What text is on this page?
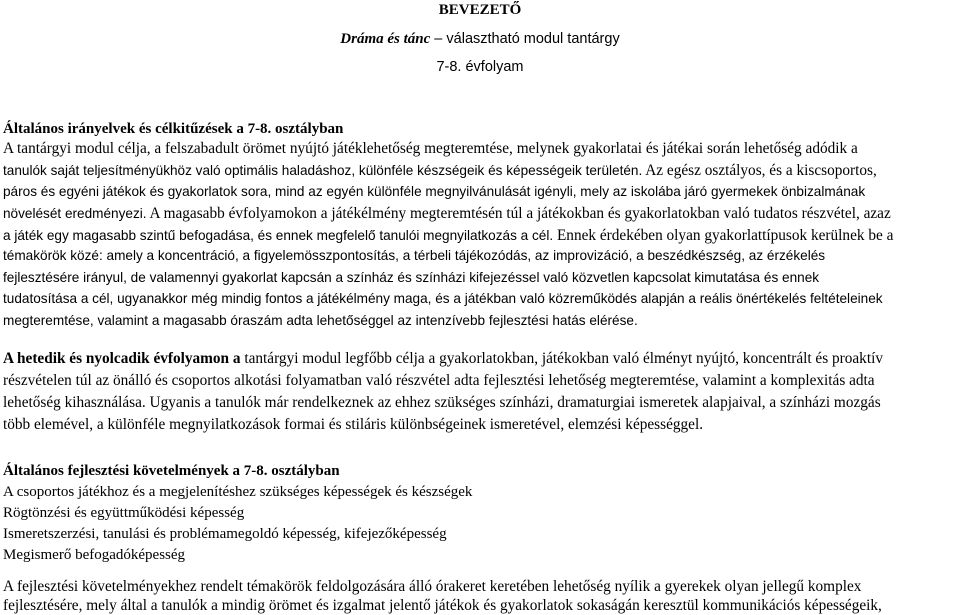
BEVEZETŐ
Dráma és tánc – választható modul tantárgy
7-8. évfolyam
Általános irányelvek és célkitűzések a 7-8. osztályban
A tantárgyi modul célja, a felszabadult örömet nyújtó játéklehetőség megteremtése, melynek gyakorlatai és játékai során lehetőség adódik a
tanulók saját teljesítményükhöz való optimális haladáshoz, különféle készségeik és képességeik területén. Az egész osztályos, és a kiscsoportos,
páros és egyéni játékok és gyakorlatok sora, mind az egyén különféle megnyilvánulását igényli, mely az iskolába járó gyermekek önbizalmának
növelését eredményezi. A magasabb évfolyamokon a játékélmény megteremtésén túl a játékokban és gyakorlatokban való tudatos részvétel, azaz
a játék egy magasabb szintű befogadása, és ennek megfelelő tanulói megnyilatkozás a cél. Ennek érdekében olyan gyakorlattípusok kerülnek be a
témakörök közé: amely a koncentráció, a figyelemösszpontosítás, a térbeli tájékozódás, az improvizáció, a beszédkészség, az érzékelés
fejlesztésére irányul, de valamennyi gyakorlat kapcsán a színház és színházi kifejezéssel való közvetlen kapcsolat kimutatása és ennek
tudatosítása a cél, ugyanakkor még mindig fontos a játékélmény maga, és a játékban való közreműködés alapján a reális önértékelés feltételeinek
megteremtése, valamint a magasabb óraszám adta lehetőséggel az intenzívebb fejlesztési hatás elérése.
A hetedik és nyolcadik évfolyamon a tantárgyi modul legfőbb célja a gyakorlatokban, játékokban való élményt nyújtó, koncentrált és proaktív
részvételen túl az önálló és csoportos alkotási folyamatban való részvétel adta fejlesztési lehetőség megteremtése, valamint a komplexitás adta
lehetőség kihasználása. Ugyanis a tanulók már rendelkeznek az ehhez szükséges színházi, dramaturgiai ismeretek alapjaival, a színházi mozgás
több elemével, a különféle megnyilatkozások formai és stiláris különbségeinek ismeretével, elemzési képességgel.
Általános fejlesztési követelmények a 7-8. osztályban
A csoportos játékhoz és a megjelenítéshez szükséges képességek és készségek
Rögtönzési és együttműködési képesség
Ismeretszerzési, tanulási és problémamegoldó képesség, kifejezőképesség
Megismerő befogadóképesség
A fejlesztési követelményekhez rendelt témakörök feldolgozására álló órakeret keretében lehetőség nyílik a gyerekek olyan jellegű komplex
fejlesztésére, mely által a tanulók a mindig örömet és izgalmat jelentő játékok és gyakorlatok sokaságán keresztül kommunikációs képességeik,
